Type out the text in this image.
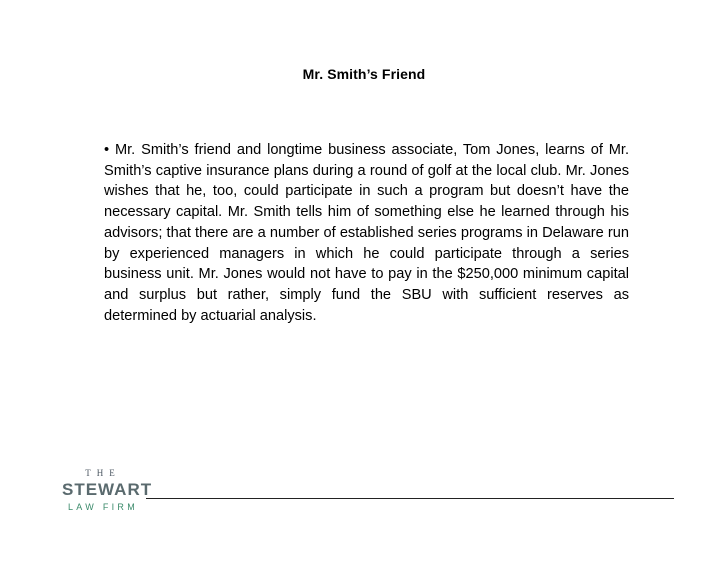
Mr. Smith’s Friend
• Mr. Smith’s friend and longtime business associate, Tom Jones, learns of Mr. Smith’s captive insurance plans during a round of golf at the local club. Mr. Jones wishes that he, too, could participate in such a program but doesn’t have the necessary capital. Mr. Smith tells him of something else he learned through his advisors; that there are a number of established series programs in Delaware run by experienced managers in which he could participate through a series business unit. Mr. Jones would not have to pay in the $250,000 minimum capital and surplus but rather, simply fund the SBU with sufficient reserves as determined by actuarial analysis.
THE
STEWART
LAW FIRM
